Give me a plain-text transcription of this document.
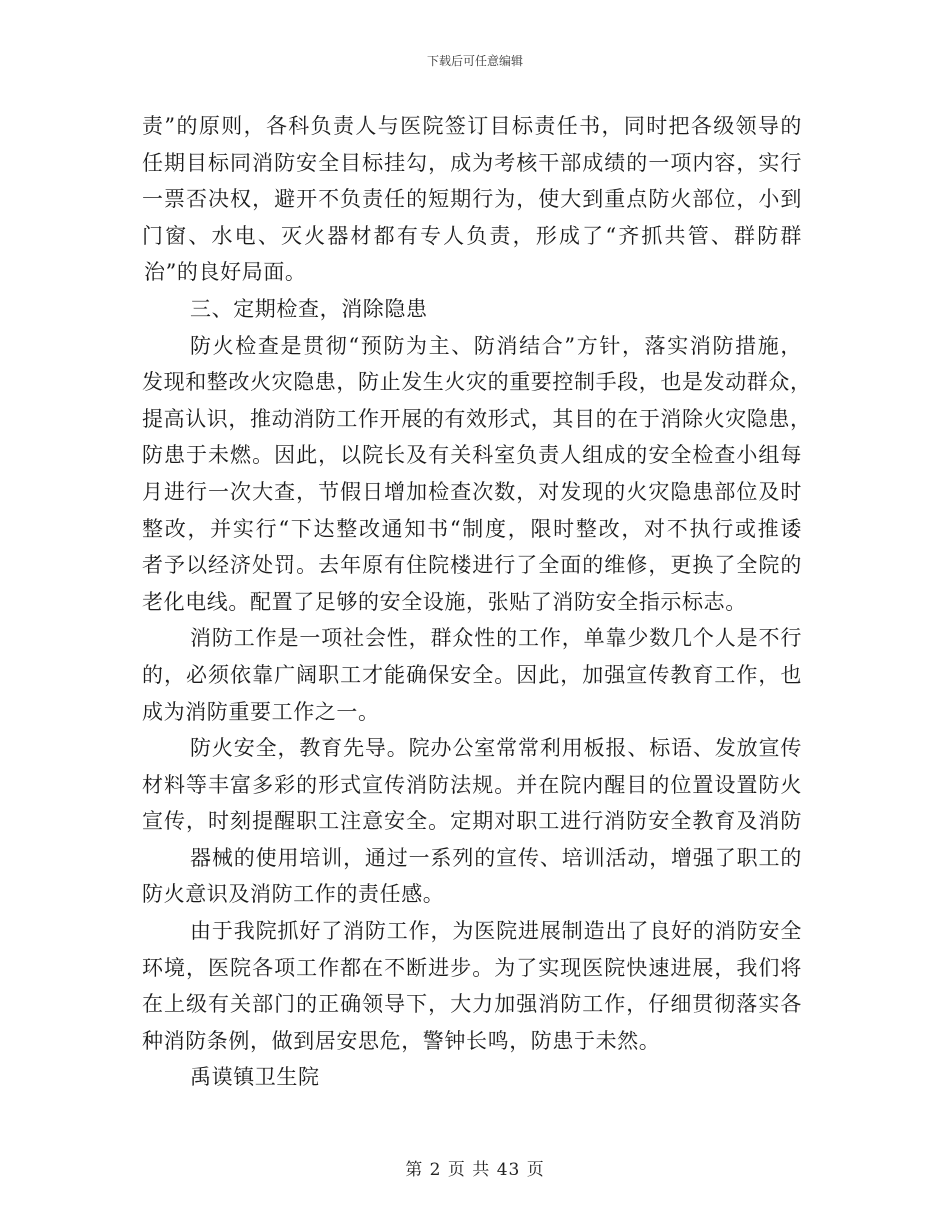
下载后可任意编辑
责”的原则，各科负责人与医院签订目标责任书，同时把各级领导的
任期目标同消防安全目标挂勾，成为考核干部成绩的一项内容，实行
一票否决权，避开不负责任的短期行为，使大到重点防火部位，小到
门窗、水电、灭火器材都有专人负责，形成了“齐抓共管、群防群
治”的良好局面。
三、定期检查，消除隐患
防火检查是贯彻“预防为主、防消结合”方针，落实消防措施，
发现和整改火灾隐患，防止发生火灾的重要控制手段，也是发动群众，
提高认识，推动消防工作开展的有效形式，其目的在于消除火灾隐患，
防患于未燃。因此，以院长及有关科室负责人组成的安全检查小组每
月进行一次大查，节假日增加检查次数，对发现的火灾隐患部位及时
整改，并实行“下达整改通知书“制度，限时整改，对不执行或推诿
者予以经济处罚。去年原有住院楼进行了全面的维修，更换了全院的
老化电线。配置了足够的安全设施，张贴了消防安全指示标志。
消防工作是一项社会性，群众性的工作，单靠少数几个人是不行
的，必须依靠广阔职工才能确保安全。因此，加强宣传教育工作，也
成为消防重要工作之一。
防火安全，教育先导。院办公室常常利用板报、标语、发放宣传
材料等丰富多彩的形式宣传消防法规。并在院内醒目的位置设置防火
宣传，时刻提醒职工注意安全。定期对职工进行消防安全教育及消防
器械的使用培训，通过一系列的宣传、培训活动，增强了职工的
防火意识及消防工作的责任感。
由于我院抓好了消防工作，为医院进展制造出了良好的消防安全
环境，医院各项工作都在不断进步。为了实现医院快速进展，我们将
在上级有关部门的正确领导下，大力加强消防工作，仔细贯彻落实各
种消防条例，做到居安思危，警钟长鸣，防患于未然。
禹谟镇卫生院
第 2 页 共 43 页
